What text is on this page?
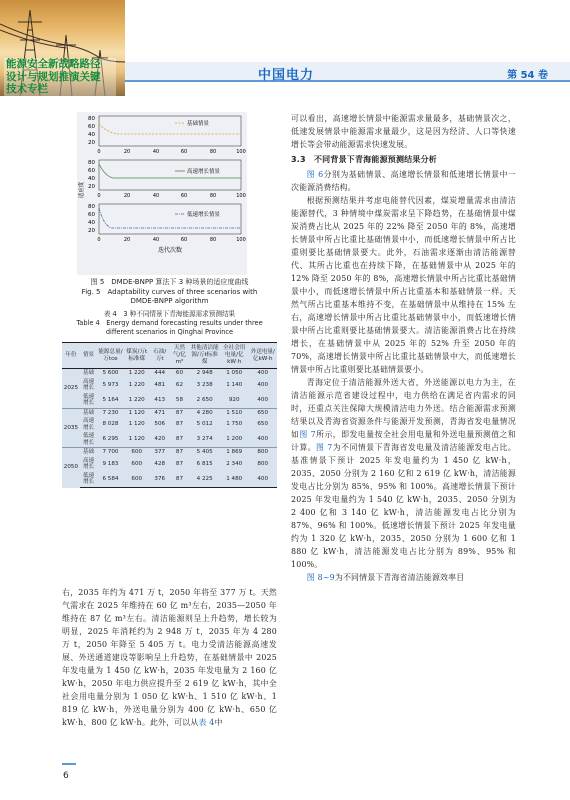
能源安全新战略路径
设计与规划推演关键
技术专栏
中国电力	第 54 卷
80
60
40
20
基础情景
0	20	40	60	80	100
80
60
40
20
高速增长情景
适应度 0	20	40	60	80	100
80
60
40
20
低速增长情景
0	20	40	60	80	100
迭代次数
图 5　DMDE-BNPP 算法下 3 种场景的适应度曲线
Fig. 5　Adaptability curves of three scenarios with
DMDE-BNPP algorithm
表 4　3 种不同情景下青海能源需求预测结果
Table 4　Energy demand forecasting results under three
different scenarios in Qinghai Province
年份	情景	能源总量/万tce	煤炭/万t标准煤	石油/万t	天然气/亿m³	其他清洁能源/万t标准煤	全社会用电量/亿kW·h	外送电量/亿kW·h
2025	基础	5 600	1 220	444	60	2 948	1 050	400
	高速增长	5 973	1 220	481	62	3 238	1 140	400
	低速增长	5 164	1 220	413	58	2 650	920	400
2035	基础	7 230	1 120	471	87	4 280	1 510	650
	高速增长	8 028	1 120	506	87	5 012	1 750	650
	低速增长	6 295	1 120	420	87	3 274	1 200	400
2050	基础	7 700	600	377	87	5 405	1 869	800
	高速增长	9 183	600	428	87	6 815	2 340	800
	低速增长	6 584	600	376	87	4 225	1 480	400

右，2035 年约为 471 万 t，2050 年将至 377 万 t。天然气需求在 2025 年维持在 60 亿 m³左右，2035—2050 年维持在 87 亿 m³左右。清洁能源则呈上升趋势，增长较为明显，2025 年消耗约为 2 948 万 t，2035 年为 4 280 万 t，2050 年降至 5 405 万 t。电力受清洁能源高速发展、外送通道建设等影响呈上升趋势，在基础情景中 2025 年发电量为 1 450 亿 kW·h，2035 年发电量为 2 160 亿 kW·h，2050 年电力供应提升至 2 619 亿 kW·h，其中全社会用电量分别为 1 050 亿 kW·h、1 510 亿 kW·h、1 819 亿 kW·h，外送电量分别为 400 亿 kW·h、650 亿 kW·h、800 亿 kW·h。此外，可以从表 4中

可以看出，高速增长情景中能源需求量最多，基础情景次之，低速发展情景中能源需求量最少，这是因为经济、人口等快速增长等会带动能源需求快速发展。

3.3　不同背景下青海能源预测结果分析

图 6分别为基础情景、高速增长情景和低速增长情景中一次能源消费结构。

根据预测结果并考虑电能替代因素，煤炭增量需求由清洁能源替代，3 种情境中煤炭需求呈下降趋势，在基础情景中煤炭消费占比从 2025 年的 22% 降至 2050 年的 8%，高速增长情景中所占比重比基础情景中小，而低速增长情景中所占比重则要比基础情景要大。此外，石油需求逐渐由清洁能源替代、其所占比重也在持续下降，在基础情景中从 2025 年的 12% 降至 2050 年的 8%，高速增长情景中所占比重比基础情景中小，而低速增长情景中所占比重基本和基础情景一样。天然气所占比重基本维持不变，在基础情景中从维持在 15% 左右，高速增长情景中所占比重比基础情景中小，而低速增长情景中所占比重则要比基础情景要大。清洁能源消费占比在持续增长，在基础情景中从 2025 年的 52% 升至 2050 年的 70%，高速增长情景中所占比重比基础情景中大，而低速增长情景中所占比重则要比基础情景要小。

青海定位于清洁能源外送大省，外送能源以电力为主，在清洁能源示范省建设过程中，电力供给在满足省内需求的同时，还重点关注保障大规模清洁电力外送。结合能源需求预测结果以及青海省资源条件与能源开发预测，青海省发电量情况如图 7所示，即发电量按全社会用电量和外送电量预测值之和计算。图 7为不同情景下青海省发电量及清洁能源发电占比。基准情景下预计 2025 年发电量约为 1 450 亿 kW·h，2035、2050 分别为 2 160 亿和 2 619 亿 kW·h，清洁能源发电占比分别为 85%、95% 和 100%。高速增长情景下预计 2025 年发电量约为 1 540 亿 kW·h，2035、2050 分别为 2 400 亿和 3 140 亿 kW·h，清洁能源发电占比分别为 87%、96% 和 100%。低速增长情景下预计 2025 年发电量约为 1 320 亿 kW·h，2035、2050 分别为 1 600 亿和 1 880 亿 kW·h，清洁能源发电占比分别为 89%、95% 和 100%。

图 8~9为不同情景下青海省清洁能源效率目

6
